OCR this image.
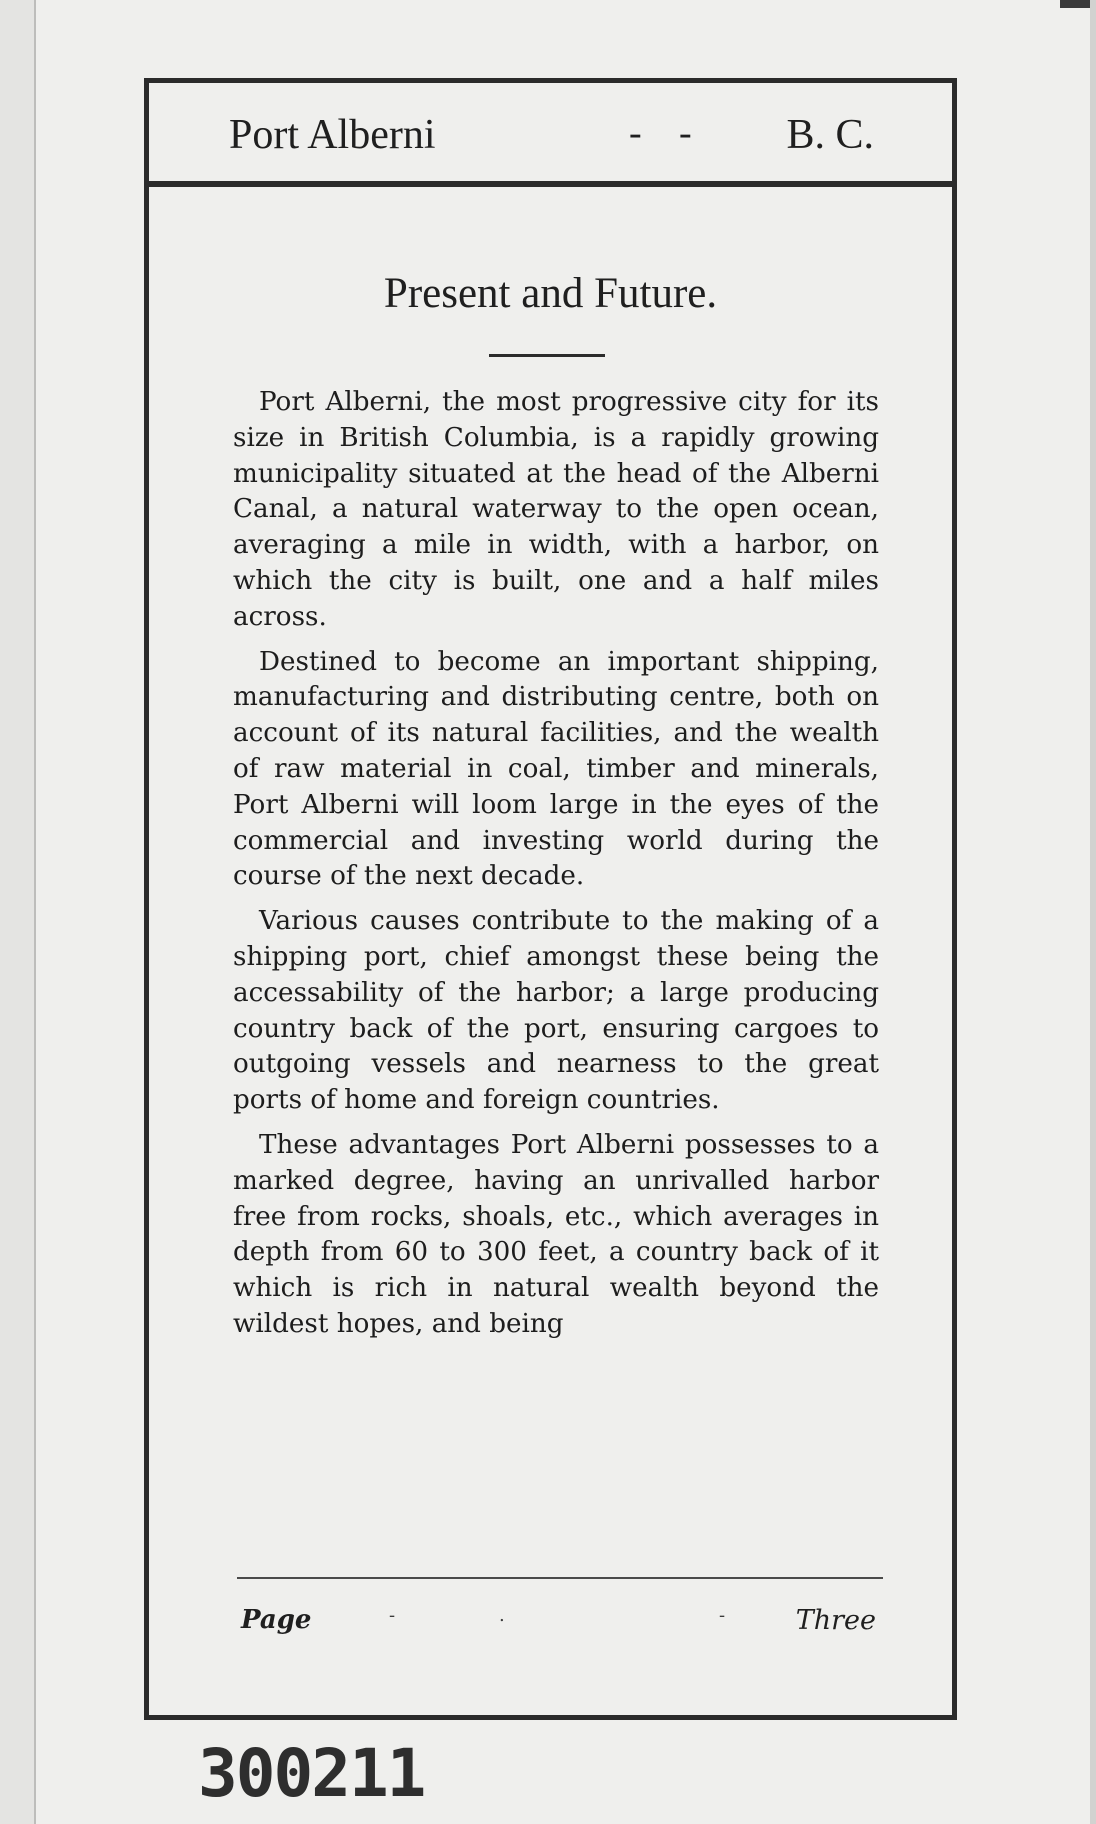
Port Alberni	- - B. C.
Present and Future.

Port Alberni, the most progressive city for its size in British Columbia, is a rapidly growing municipality situated at the head of the Alberni Canal, a natural waterway to the open ocean, averaging a mile in width, with a harbor, on which the city is built, one and a half miles across.

Destined to become an important shipping, manufacturing and distributing centre, both on account of its natural facilities, and the wealth of raw material in coal, timber and minerals, Port Alberni will loom large in the eyes of the commercial and investing world during the course of the next decade.

Various causes contribute to the making of a shipping port, chief amongst these being the accessability of the harbor; a large producing country back of the port, ensuring cargoes to outgoing vessels and nearness to the great ports of home and foreign countries.

These advantages Port Alberni possesses to a marked degree, having an unrivalled harbor free from rocks, shoals, etc., which averages in depth from 60 to 300 feet, a country back of it which is rich in natural wealth beyond the wildest hopes, and being

Page	-	.	-	Three
300211
